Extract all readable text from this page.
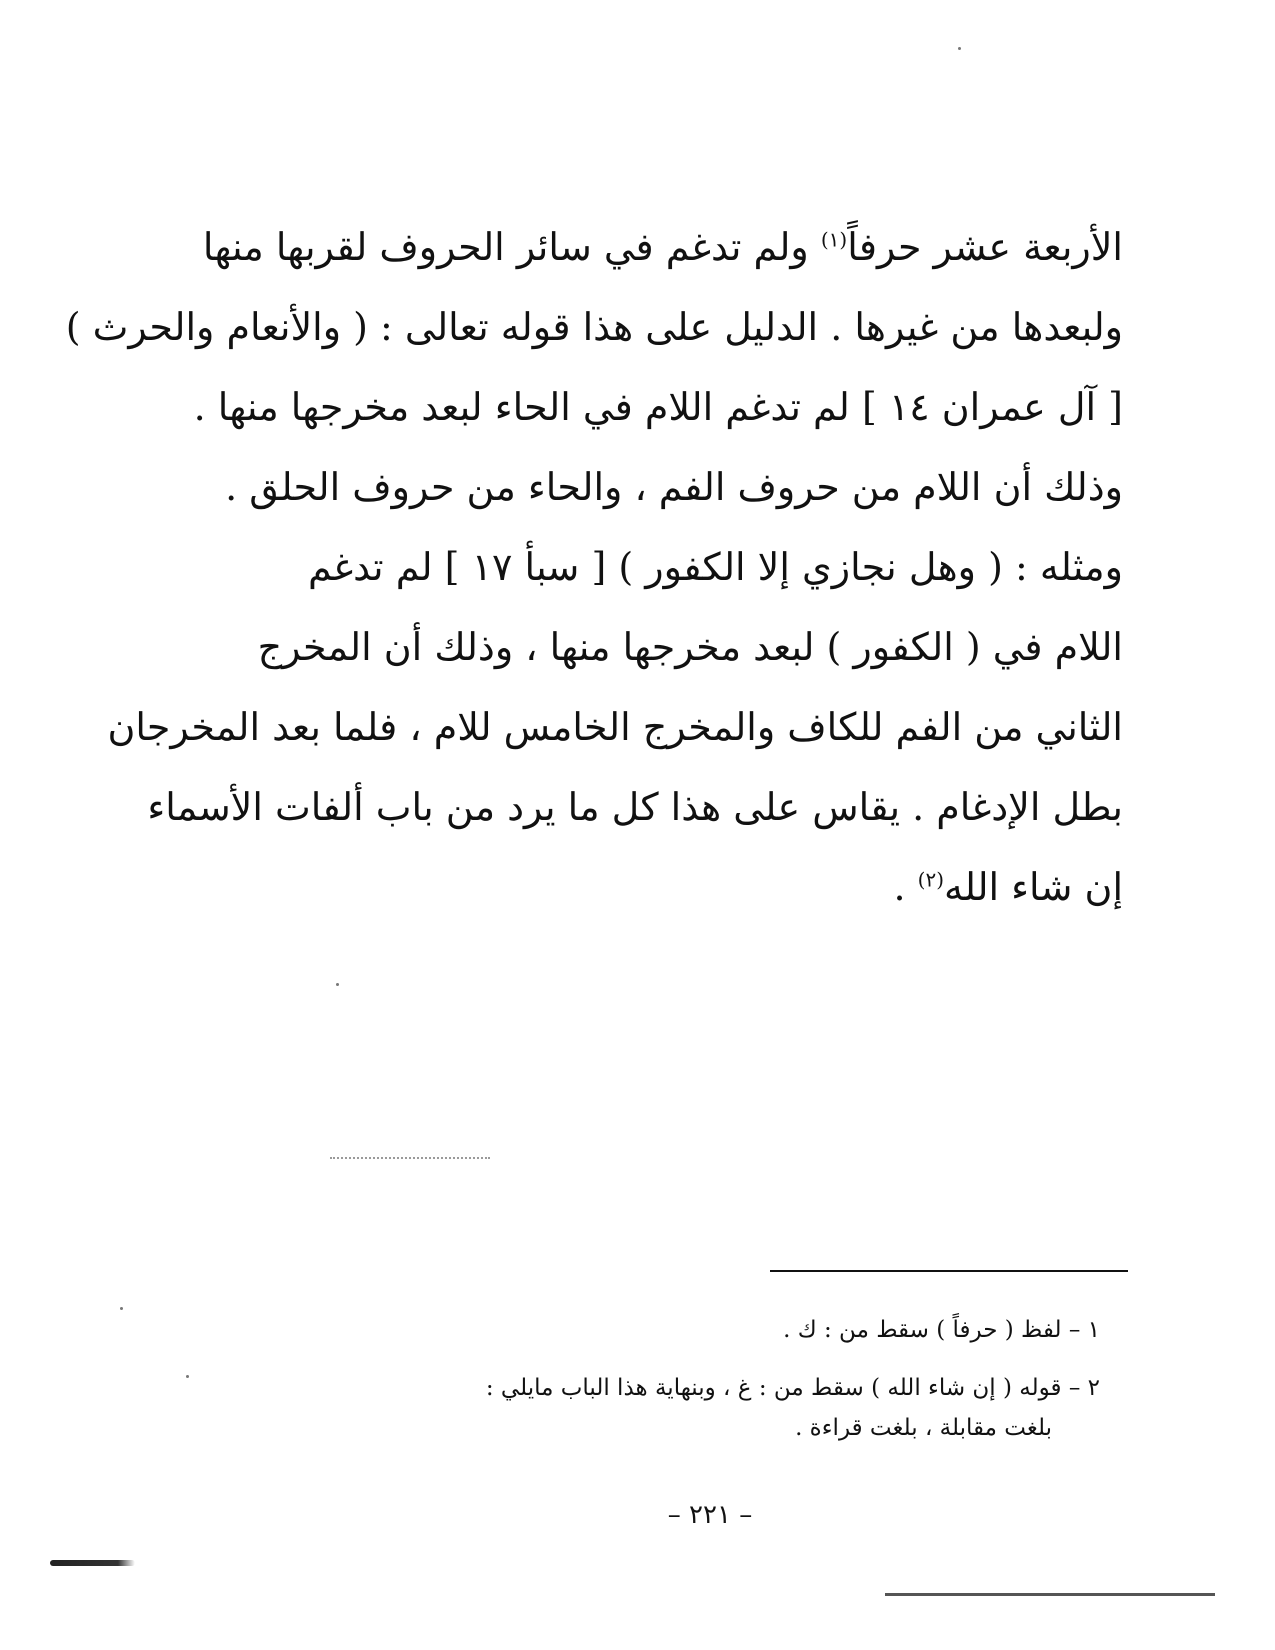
الأربعة عشر حرفاً$^{(١)}$ ولم تدغم في سائر الحروف لقربها منها
ولبعدها من غيرها . الدليل على هذا قوله تعالى : ( والأنعام والحرث )
[ آل عمران ١٤ ] لم تدغم اللام في الحاء لبعد مخرجها منها .
وذلك أن اللام من حروف الفم ، والحاء من حروف الحلق .
ومثله : ( وهل نجازي إلا الكفور ) [ سبأ ١٧ ] لم تدغم
اللام في ( الكفور ) لبعد مخرجها منها ، وذلك أن المخرج
الثاني من الفم للكاف والمخرج الخامس للام ، فلما بعد المخرجان
بطل الإدغام . يقاس على هذا كل ما يرد من باب ألفات الأسماء
إن شاء الله$^{(٢)}$ .
١ – لفظ ( حرفاً ) سقط من : ك .
٢ – قوله ( إن شاء الله ) سقط من : غ ، وبنهاية هذا الباب مايلي :
بلغت مقابلة ، بلغت قراءة .
– ٢٢١ –
